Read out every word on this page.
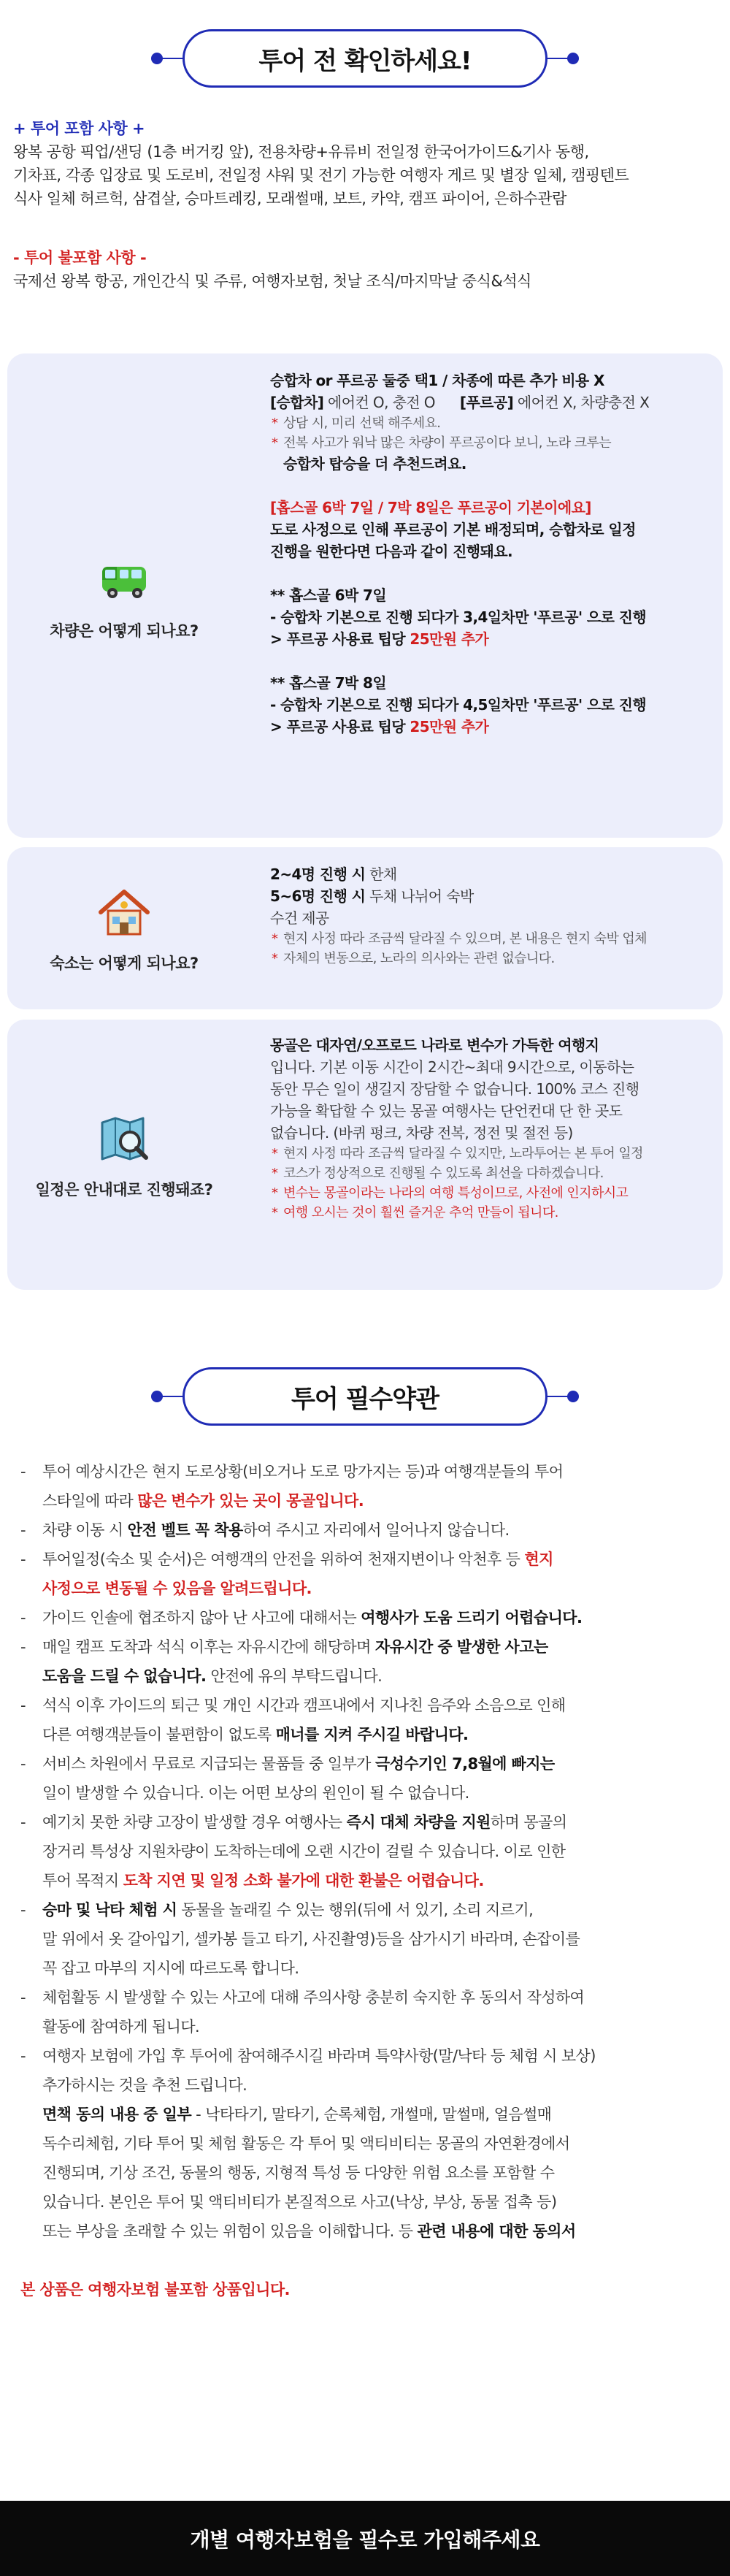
투어 전 확인하세요!
+ 투어 포함 사항 +
왕복 공항 픽업/샌딩 (1층 버거킹 앞), 전용차량+유류비 전일정 한국어가이드&기사 동행,
기차표, 각종 입장료 및 도로비, 전일정 샤워 및 전기 가능한 여행자 게르 및 별장 일체, 캠핑텐트
식사 일체 허르헉, 삼겹살, 승마트레킹, 모래썰매, 보트, 카약, 캠프 파이어, 은하수관람
- 투어 불포함 사항 -
국제선 왕복 항공, 개인간식 및 주류, 여행자보험, 첫날 조식/마지막날 중식&석식
차량은 어떻게 되나요?
승합차 or 푸르공 둘중 택1 / 차종에 따른 추가 비용 X
[승합차] 에어컨 O, 충전 O [푸르공] 에어컨 X, 차량충전 X
* 상담 시, 미리 선택 해주세요.
* 전복 사고가 워낙 많은 차량이 푸르공이다 보니, 노라 크루는
승합차 탑승을 더 추천드려요.
[홉스골 6박 7일 / 7박 8일은 푸르공이 기본이에요]
도로 사정으로 인해 푸르공이 기본 배정되며, 승합차로 일정
진행을 원한다면 다음과 같이 진행돼요.
** 홉스골 6박 7일
- 승합차 기본으로 진행 되다가 3,4일차만 '푸르공' 으로 진행
> 푸르공 사용료 팁당 25만원 추가
** 홉스골 7박 8일
- 승합차 기본으로 진행 되다가 4,5일차만 '푸르공' 으로 진행
> 푸르공 사용료 팁당 25만원 추가
숙소는 어떻게 되나요?
2~4명 진행 시 한채
5~6명 진행 시 두채 나뉘어 숙박
수건 제공
* 현지 사정 따라 조금씩 달라질 수 있으며, 본 내용은 현지 숙박 업체
* 자체의 변동으로, 노라의 의사와는 관련 없습니다.
일정은 안내대로 진행돼죠?
몽골은 대자연/오프로드 나라로 변수가 가득한 여행지
입니다. 기본 이동 시간이 2시간~최대 9시간으로, 이동하는
동안 무슨 일이 생길지 장담할 수 없습니다. 100% 코스 진행
가능을 확답할 수 있는 몽골 여행사는 단언컨대 단 한 곳도
없습니다. (바퀴 펑크, 차량 전복, 정전 및 절전 등)
* 현지 사정 따라 조금씩 달라질 수 있지만, 노라투어는 본 투어 일정
* 코스가 정상적으로 진행될 수 있도록 최선을 다하겠습니다.
* 변수는 몽골이라는 나라의 여행 특성이므로, 사전에 인지하시고
* 여행 오시는 것이 훨씬 즐거운 추억 만들이 됩니다.
투어 필수약관
- 투어 예상시간은 현지 도로상황(비오거나 도로 망가지는 등)과 여행객분들의 투어
스타일에 따라 많은 변수가 있는 곳이 몽골입니다.
- 차량 이동 시 안전 벨트 꼭 착용하여 주시고 자리에서 일어나지 않습니다.
- 투어일정(숙소 및 순서)은 여행객의 안전을 위하여 천재지변이나 악천후 등 현지
사정으로 변동될 수 있음을 알려드립니다.
- 가이드 인솔에 협조하지 않아 난 사고에 대해서는 여행사가 도움 드리기 어렵습니다.
- 매일 캠프 도착과 석식 이후는 자유시간에 해당하며 자유시간 중 발생한 사고는
도움을 드릴 수 없습니다. 안전에 유의 부탁드립니다.
- 석식 이후 가이드의 퇴근 및 개인 시간과 캠프내에서 지나친 음주와 소음으로 인해
다른 여행객분들이 불편함이 없도록 매너를 지켜 주시길 바랍니다.
- 서비스 차원에서 무료로 지급되는 물품들 중 일부가 극성수기인 7,8월에 빠지는
일이 발생할 수 있습니다. 이는 어떤 보상의 원인이 될 수 없습니다.
- 예기치 못한 차량 고장이 발생할 경우 여행사는 즉시 대체 차량을 지원하며 몽골의
장거리 특성상 지원차량이 도착하는데에 오랜 시간이 걸릴 수 있습니다. 이로 인한
투어 목적지 도착 지연 및 일정 소화 불가에 대한 환불은 어렵습니다.
- 승마 및 낙타 체험 시 동물을 놀래킬 수 있는 행위(뒤에 서 있기, 소리 지르기,
말 위에서 옷 갈아입기, 셀카봉 들고 타기, 사진촬영)등을 삼가시기 바라며, 손잡이를
꼭 잡고 마부의 지시에 따르도록 합니다.
- 체험활동 시 발생할 수 있는 사고에 대해 주의사항 충분히 숙지한 후 동의서 작성하여
활동에 참여하게 됩니다.
- 여행자 보험에 가입 후 투어에 참여해주시길 바라며 특약사항(말/낙타 등 체험 시 보상)
추가하시는 것을 추천 드립니다.
면책 동의 내용 중 일부 - 낙타타기, 말타기, 순록체험, 개썰매, 말썰매, 얼음썰매
독수리체험, 기타 투어 및 체험 활동은 각 투어 및 액티비티는 몽골의 자연환경에서
진행되며, 기상 조건, 동물의 행동, 지형적 특성 등 다양한 위험 요소를 포함할 수
있습니다. 본인은 투어 및 액티비티가 본질적으로 사고(낙상, 부상, 동물 접촉 등)
또는 부상을 초래할 수 있는 위험이 있음을 이해합니다. 등 관련 내용에 대한 동의서
본 상품은 여행자보험 불포함 상품입니다.
개별 여행자보험을 필수로 가입해주세요
